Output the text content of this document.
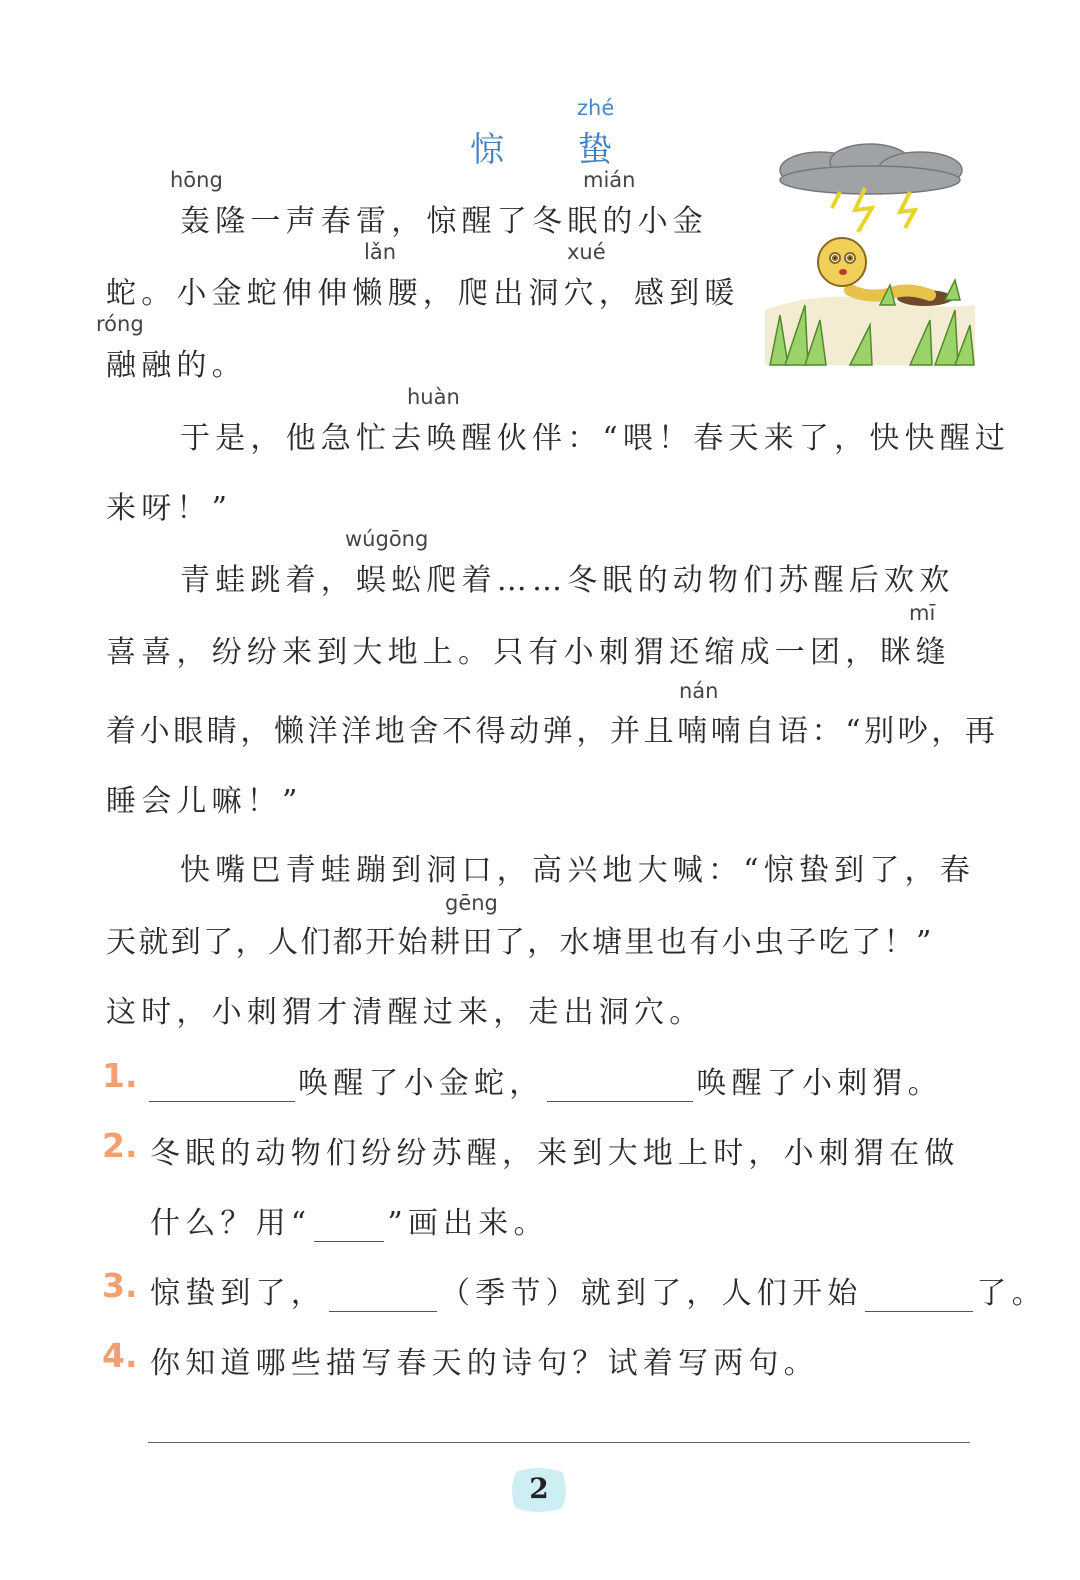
zhé
惊 蛰
hōng	mián
轰隆一声春雷，惊醒了冬眠的小金
lǎn	xué
蛇。小金蛇伸伸懒腰，爬出洞穴，感到暖
róng
融融的。
huàn
于是，他急忙去唤醒伙伴：“喂！春天来了，快快醒过
来呀！”
wúgōng
青蛙跳着，蜈蚣爬着……冬眠的动物们苏醒后欢欢
mī
喜喜，纷纷来到大地上。只有小刺猬还缩成一团，眯缝
nán
着小眼睛，懒洋洋地舍不得动弹，并且喃喃自语：“别吵，再
睡会儿嘛！”
快嘴巴青蛙蹦到洞口，高兴地大喊：“惊蛰到了，春
gēng
天就到了，人们都开始耕田了，水塘里也有小虫子吃了！”
这时，小刺猬才清醒过来，走出洞穴。
1.	唤醒了小金蛇，	唤醒了小刺猬。
2. 冬眠的动物们纷纷苏醒，来到大地上时，小刺猬在做
什么？用“	”画出来。
3. 惊蛰到了，	（季节）就到了，人们开始	了。
4. 你知道哪些描写春天的诗句？试着写两句。
2
